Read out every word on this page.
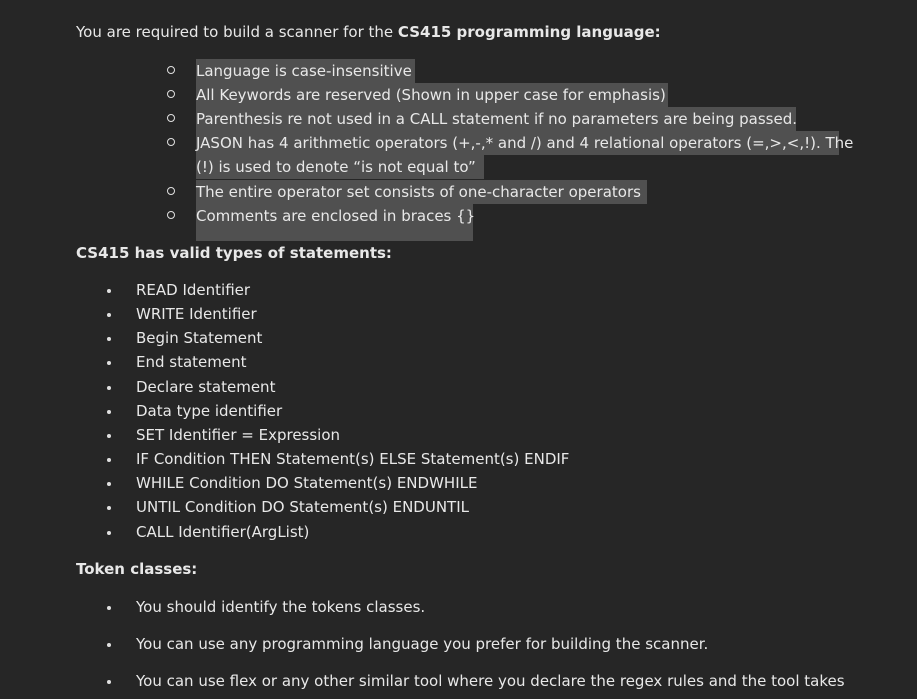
You are required to build a scanner for the CS415 programming language:
Language is case-insensitive
All Keywords are reserved (Shown in upper case for emphasis)
Parenthesis re not used in a CALL statement if no parameters are being passed.
JASON has 4 arithmetic operators (+,-,* and /) and 4 relational operators (=,>,<,!). The
(!) is used to denote “is not equal to”
The entire operator set consists of one-character operators
Comments are enclosed in braces {}
CS415 has valid types of statements:
READ Identifier
WRITE Identifier
Begin Statement
End statement
Declare statement
Data type identifier
SET Identifier = Expression
IF Condition THEN Statement(s) ELSE Statement(s) ENDIF
WHILE Condition DO Statement(s) ENDWHILE
UNTIL Condition DO Statement(s) ENDUNTIL
CALL Identifier(ArgList)
Token classes:
You should identify the tokens classes.
You can use any programming language you prefer for building the scanner.
You can use flex or any other similar tool where you declare the regex rules and the tool takes
